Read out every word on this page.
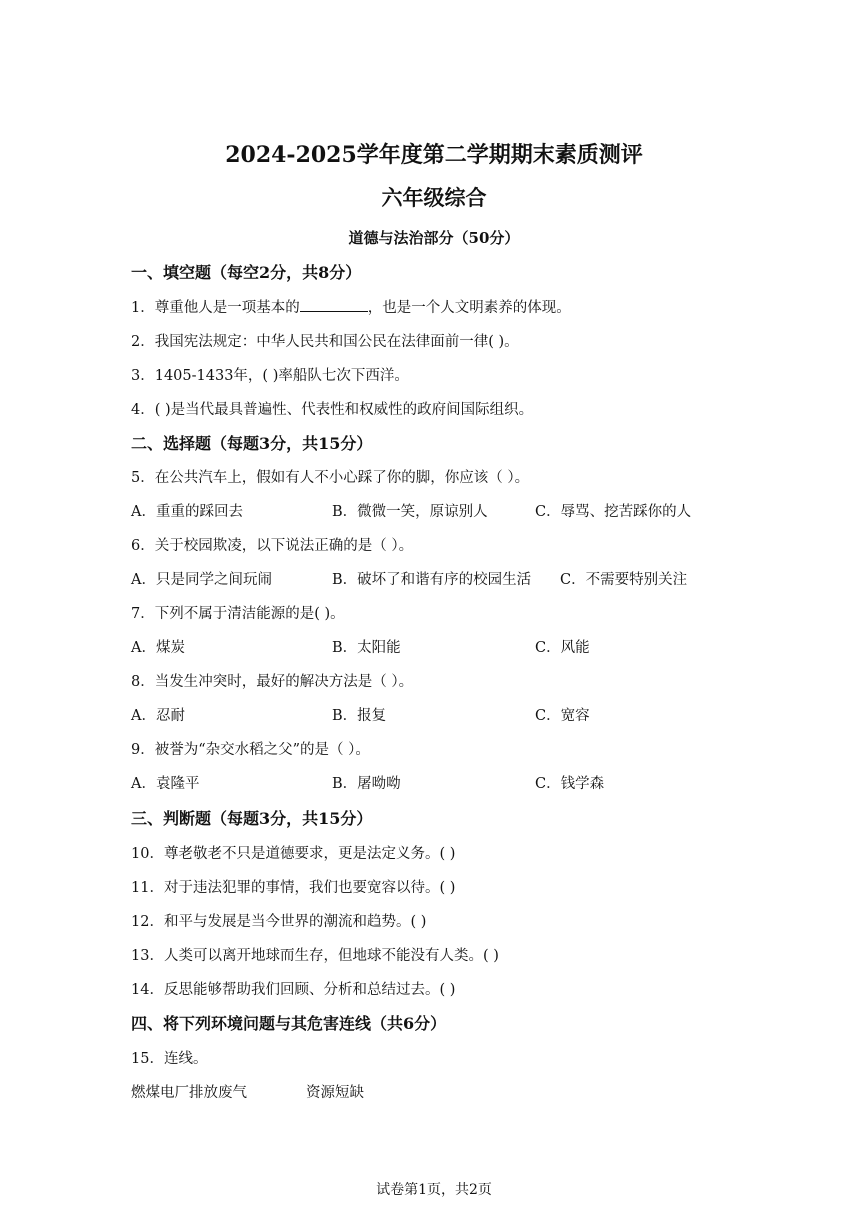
2024-2025学年度第二学期期末素质测评
六年级综合
道德与法治部分（50分）
一、填空题（每空2分，共8分）
1．尊重他人是一项基本的	，也是一个人文明素养的体现。
2．我国宪法规定：中华人民共和国公民在法律面前一律( )。
3．1405-1433年，( )率船队七次下西洋。
4．( )是当代最具普遍性、代表性和权威性的政府间国际组织。
二、选择题（每题3分，共15分）
5．在公共汽车上，假如有人不小心踩了你的脚，你应该（ ）。
A．重重的踩回去	B．微微一笑，原谅别人	C．辱骂、挖苦踩你的人
6．关于校园欺凌，以下说法正确的是（ ）。
A．只是同学之间玩闹	B．破坏了和谐有序的校园生活 C．不需要特别关注
7．下列不属于清洁能源的是( )。
A．煤炭	B．太阳能	C．风能
8．当发生冲突时，最好的解决方法是（ ）。
A．忍耐	B．报复	C．宽容
9．被誉为“杂交水稻之父”的是（ ）。
A．袁隆平	B．屠呦呦	C．钱学森
三、判断题（每题3分，共15分）
10．尊老敬老不只是道德要求，更是法定义务。( )
11．对于违法犯罪的事情，我们也要宽容以待。( )
12．和平与发展是当今世界的潮流和趋势。( )
13．人类可以离开地球而生存，但地球不能没有人类。( )
14．反思能够帮助我们回顾、分析和总结过去。( )
四、将下列环境问题与其危害连线（共6分）
15．连线。
燃煤电厂排放废气	资源短缺
试卷第1页，共2页
